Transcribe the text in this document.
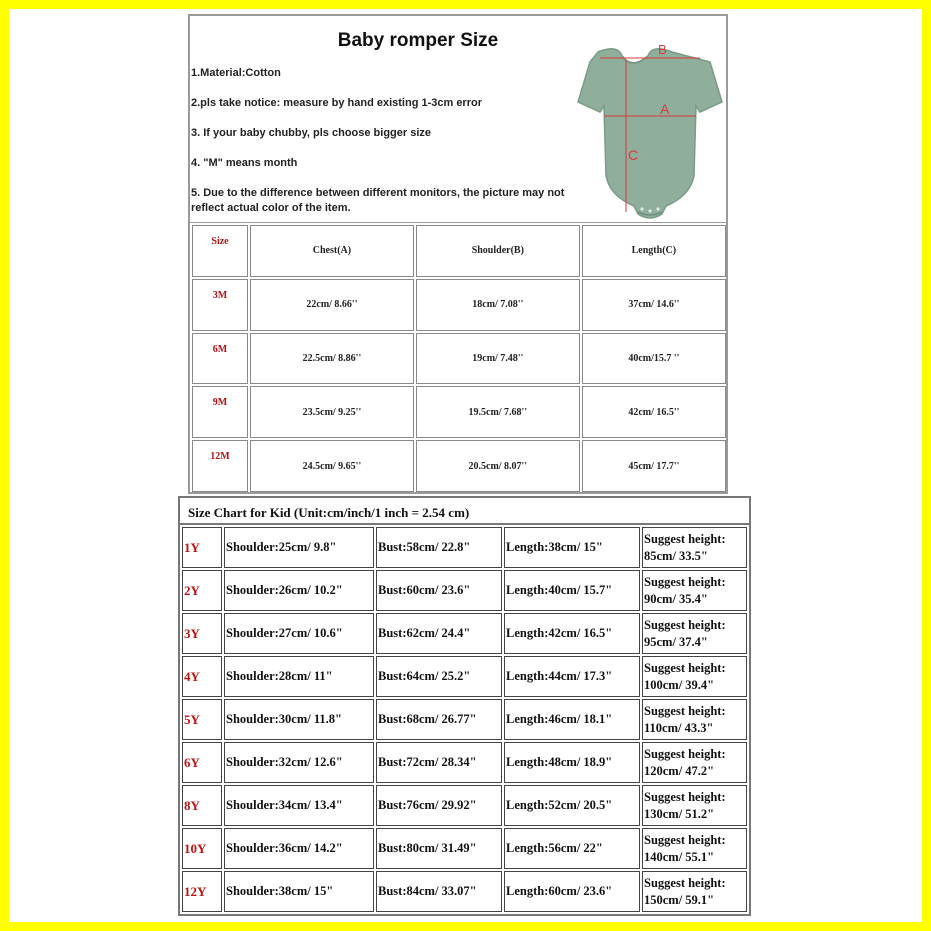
Baby romper Size
1.Material:Cotton
2.pls take notice: measure by hand existing 1-3cm error
3. If your baby chubby, pls choose bigger size
4. "M" means month
5. Due to the difference between different monitors, the picture may not
reflect actual color of the item.
B
A
C
Size	Chest(A)	Shoulder(B)	Length(C)
3M	22cm/ 8.66''	18cm/ 7.08''	37cm/ 14.6''
6M	22.5cm/ 8.86''	19cm/ 7.48''	40cm/15.7 ''
9M	23.5cm/ 9.25''	19.5cm/ 7.68''	42cm/ 16.5''
12M	24.5cm/ 9.65''	20.5cm/ 8.07''	45cm/ 17.7''
Size Chart for Kid (Unit:cm/inch/1 inch = 2.54 cm)
1Y	Shoulder:25cm/ 9.8"	Bust:58cm/ 22.8"	Length:38cm/ 15"	Suggest height:
85cm/ 33.5"

2Y	Shoulder:26cm/ 10.2"	Bust:60cm/ 23.6"	Length:40cm/ 15.7"	Suggest height:
90cm/ 35.4"

3Y	Shoulder:27cm/ 10.6"	Bust:62cm/ 24.4"	Length:42cm/ 16.5"	Suggest height:
95cm/ 37.4"

4Y	Shoulder:28cm/ 11"	Bust:64cm/ 25.2"	Length:44cm/ 17.3"	Suggest height:
100cm/ 39.4"

5Y	Shoulder:30cm/ 11.8"	Bust:68cm/ 26.77"	Length:46cm/ 18.1"	Suggest height:
110cm/ 43.3"

6Y	Shoulder:32cm/ 12.6"	Bust:72cm/ 28.34"	Length:48cm/ 18.9"	Suggest height:
120cm/ 47.2"

8Y	Shoulder:34cm/ 13.4"	Bust:76cm/ 29.92"	Length:52cm/ 20.5"	Suggest height:
130cm/ 51.2"

10Y	Shoulder:36cm/ 14.2"	Bust:80cm/ 31.49"	Length:56cm/ 22"	Suggest height:
140cm/ 55.1"

12Y	Shoulder:38cm/ 15"	Bust:84cm/ 33.07"	Length:60cm/ 23.6"	Suggest height:
150cm/ 59.1"
